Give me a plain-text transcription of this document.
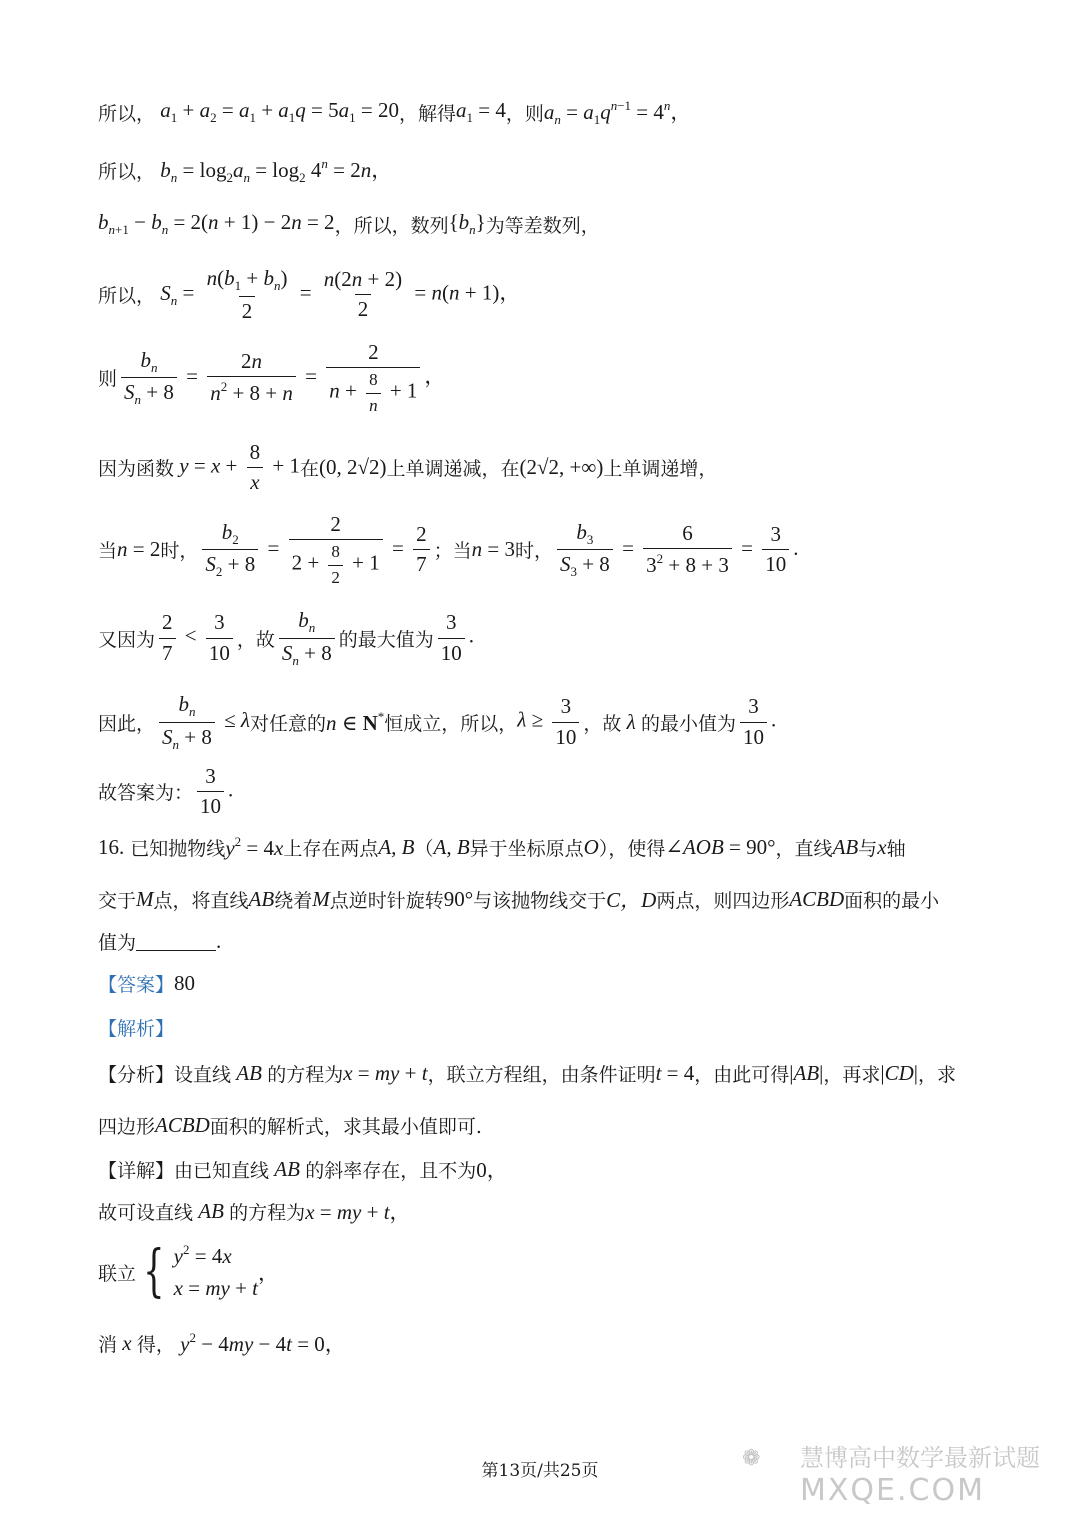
所以， $a_1 + a_2 = a_1 + a_1q = 5a_1 = 20$ ，解得 $a_1 = 4$ ，则 $a_n = a_1q^{n-1} = 4^n$，
所以， $b_n = \log_2a_n = \log_2 4^n = 2n$，
$b_{n+1} - b_n = 2(n + 1) - 2n = 2$ ，所以，数列 $\{b_n\}$ 为等差数列，
所以， $S_n = \frac{n(b_1 + b_n)}{2} = \frac{n(2n + 2)}{2} = n(n + 1)$，
则 $\frac{b_n}{S_n + 8} = \frac{2n}{n^2 + 8 + n} = \frac{2}{n + \frac{8}{n} + 1}$ ，
因为函数 $y = x + \frac{8}{x} + 1$ 在 (0, 2√2) 上单调递减，在 (2√2, +∞) 上单调递增，
当 n = 2 时， $\frac{b_2}{S_2 + 8} = \frac{2}{2 + \frac{8}{2} + 1} = \frac{2}{7}$ ；当 n = 3 时， $\frac{b_3}{S_3 + 8} = \frac{6}{3^2 + 8 + 3} = \frac{3}{10}$ .
又因为 $\frac{2}{7} < \frac{3}{10}$ ，故 $\frac{b_n}{S_n + 8}$ 的最大值为 $\frac{3}{10}$ .
因此， $\frac{b_n}{S_n + 8} \le \lambda$ 对任意的 n ∈ N* 恒成立，所以， $\lambda \ge \frac{3}{10}$ ，故 λ 的最小值为 $\frac{3}{10}$ .
故答案为： $\frac{3}{10}$ .
16.
已知抛物线 $y^2 = 4x$ 上存在两点 A, B （ A, B 异于坐标原点 O ），使得 ∠AOB = 90° ，直线 AB 与 x 轴
交于 M 点，将直线 AB 绕着 M 点逆时针旋转 90° 与该抛物线交于 C，D 两点，则四边形 ACBD 面积的最小
值为	.
【答案】 80
【解析】
【分析】 设直线 AB 的方程为 x = my + t ，联立方程组，由条件证明 t = 4 ，由此可得 |AB| ，再求 |CD| ，求
四边形 ACBD 面积的解析式，求其最小值即可.
【详解】 由已知直线 AB 的斜率存在，且不为 0，
故可设直线 AB 的方程为 x = my + t，
联立 { $y^2 = 4x$
x = my + t
，
消 x 得， $y^2 - 4my - 4t = 0$，
❁ 慧博高中数学最新试题
MXQE.COM
第13页/共25页
